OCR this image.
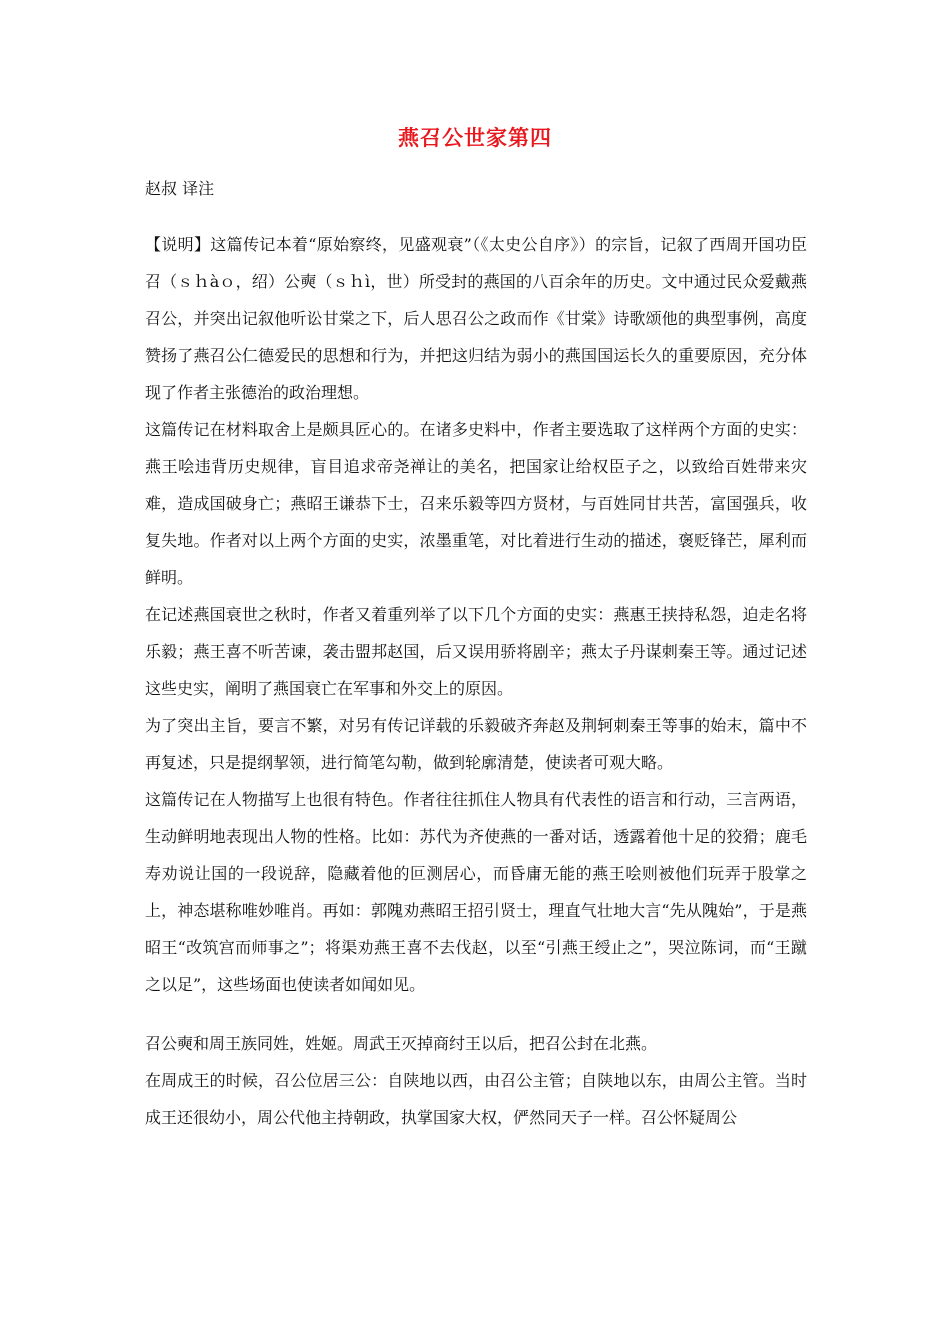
燕召公世家第四
赵叔 译注

【说明】这篇传记本着“原始察终，见盛观衰”（《太史公自序》）的宗旨，记叙了西周开国功臣召（ｓｈàｏ，绍）公奭（ｓｈì，世）所受封的燕国的八百余年的历史。文中通过民众爱戴燕召公，并突出记叙他听讼甘棠之下，后人思召公之政而作《甘棠》诗歌颂他的典型事例，高度赞扬了燕召公仁德爱民的思想和行为，并把这归结为弱小的燕国国运长久的重要原因，充分体现了作者主张德治的政治理想。

这篇传记在材料取舍上是颇具匠心的。在诸多史料中，作者主要选取了这样两个方面的史实：燕王哙违背历史规律，盲目追求帝尧禅让的美名，把国家让给权臣子之，以致给百姓带来灾难，造成国破身亡；燕昭王谦恭下士，召来乐毅等四方贤材，与百姓同甘共苦，富国强兵，收复失地。作者对以上两个方面的史实，浓墨重笔，对比着进行生动的描述，褒贬锋芒，犀利而鲜明。

在记述燕国衰世之秋时，作者又着重列举了以下几个方面的史实：燕惠王挟持私怨，迫走名将乐毅；燕王喜不听苦谏，袭击盟邦赵国，后又误用骄将剧辛；燕太子丹谋刺秦王等。通过记述这些史实，阐明了燕国衰亡在军事和外交上的原因。

为了突出主旨，要言不繁，对另有传记详载的乐毅破齐奔赵及荆轲刺秦王等事的始末，篇中不再复述，只是提纲挈领，进行简笔勾勒，做到轮廓清楚，使读者可观大略。

这篇传记在人物描写上也很有特色。作者往往抓住人物具有代表性的语言和行动，三言两语，生动鲜明地表现出人物的性格。比如：苏代为齐使燕的一番对话，透露着他十足的狡猾；鹿毛寿劝说让国的一段说辞，隐藏着他的叵测居心，而昏庸无能的燕王哙则被他们玩弄于股掌之上，神态堪称唯妙唯肖。再如：郭隗劝燕昭王招引贤士，理直气壮地大言“先从隗始”，于是燕昭王“改筑宫而师事之”；将渠劝燕王喜不去伐赵，以至“引燕王绶止之”，哭泣陈词，而“王蹴之以足”，这些场面也使读者如闻如见。

召公奭和周王族同姓，姓姬。周武王灭掉商纣王以后，把召公封在北燕。

在周成王的时候，召公位居三公：自陕地以西，由召公主管；自陕地以东，由周公主管。当时成王还很幼小，周公代他主持朝政，执掌国家大权，俨然同天子一样。召公怀疑周公
